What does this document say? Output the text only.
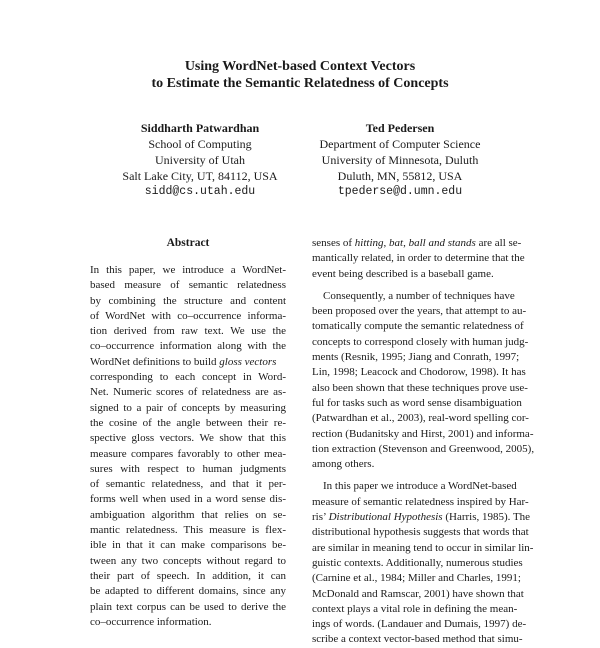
Using WordNet-based Context Vectors
to Estimate the Semantic Relatedness of Concepts
Siddharth Patwardhan
School of Computing
University of Utah
Salt Lake City, UT, 84112, USA
sidd@cs.utah.edu
Ted Pedersen
Department of Computer Science
University of Minnesota, Duluth
Duluth, MN, 55812, USA
tpederse@d.umn.edu
Abstract
In this paper, we introduce a WordNet-
based measure of semantic relatedness
by combining the structure and content
of WordNet with co–occurrence informa-
tion derived from raw text. We use the
co–occurrence information along with the
WordNet definitions to build gloss vectors
corresponding to each concept in Word-
Net. Numeric scores of relatedness are as-
signed to a pair of concepts by measuring
the cosine of the angle between their re-
spective gloss vectors. We show that this
measure compares favorably to other mea-
sures with respect to human judgments
of semantic relatedness, and that it per-
forms well when used in a word sense dis-
ambiguation algorithm that relies on se-
mantic relatedness. This measure is flex-
ible in that it can make comparisons be-
tween any two concepts without regard to
their part of speech. In addition, it can
be adapted to different domains, since any
plain text corpus can be used to derive the
co–occurrence information.
senses of hitting, bat, ball and stands are all se-
mantically related, in order to determine that the
event being described is a baseball game.
Consequently, a number of techniques have
been proposed over the years, that attempt to au-
tomatically compute the semantic relatedness of
concepts to correspond closely with human judg-
ments (Resnik, 1995; Jiang and Conrath, 1997;
Lin, 1998; Leacock and Chodorow, 1998). It has
also been shown that these techniques prove use-
ful for tasks such as word sense disambiguation
(Patwardhan et al., 2003), real-word spelling cor-
rection (Budanitsky and Hirst, 2001) and informa-
tion extraction (Stevenson and Greenwood, 2005),
among others.
In this paper we introduce a WordNet-based
measure of semantic relatedness inspired by Har-
ris’ Distributional Hypothesis (Harris, 1985). The
distributional hypothesis suggests that words that
are similar in meaning tend to occur in similar lin-
guistic contexts. Additionally, numerous studies
(Carnine et al., 1984; Miller and Charles, 1991;
McDonald and Ramscar, 2001) have shown that
context plays a vital role in defining the mean-
ings of words. (Landauer and Dumais, 1997) de-
scribe a context vector-based method that simu-
